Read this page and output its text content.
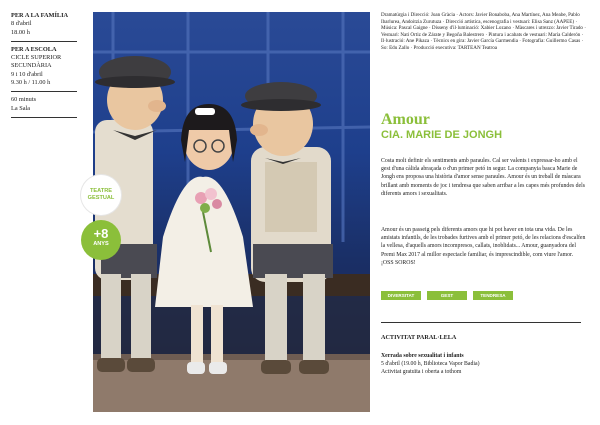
PER A LA FAMÍLIA
8 d'abril
18.00 h
PER A ESCOLA
CICLE SUPERIOR
SECUNDÀRIA
9 i 10 d'abril
9.30 h / 11.00 h
60 minuts
La Sala
TEATRE
GESTUAL
+8
ANYS
Dramatúrgia i Direcció: Joan Gràcia · Actors: Javier Bonaboba, Ana Martínez, Ana Meabe, Pablo Ibarlurea, Andoitzia Zurutuza · Direcció artística, escenografia i vestuari: Elisa Sanz (AAPEE) · Música: Pascal Gaigne · Disseny d'il·luminació: Xabier Lozano · Màscares i utrezzo: Javier Tirado · Vestuari: Nati Ortiz de Zárate y Begoña Balestrero · Pintura i acabats de vestuari: María Calderón · Il·lustració: Ane Pikaza · Tècnics en gira: Javier García Garmendia · Fotografia: Guillermo Casas · So: Edu Zallo · Producció executiva: TARTEAN Teatroa
Amour
CIA. MARIE DE JONGH
Costa molt definir els sentiments amb paraules. Cal ser valents i expressar-ho amb el gest d'una càlida abraçada o d'un primer petó in segur. La companyia basca Marie de Jongh ens proposa una història d'amor sense paraules. Amour és un treball de màscara brillant amb moments de joc i tendresa que saben arribar a les capes més profundes dels diferents amors i sexualitats.
Amour és un passeig pels diferents amors que hi pot haver en tota una vida. De les amistats infantils, de les trobades furtives amb el primer petó, de les relacions d'escalfen la vellesa, d'aquells amors incompresos, callats, inoblidats... Amour, guanyadora del Premi Max 2017 al millor espectacle familiar, és imprescindible, com viure l'amor. ¡OSS SOROS!
DIVERSITAT	GEST	TENDRESA
ACTIVITAT PARAL·LELA
Xerrada sobre sexualitat i infants
5 d'abril (19.00 h, Biblioteca Vapor Badia)
Activitat gratuïta i oberta a tothom
